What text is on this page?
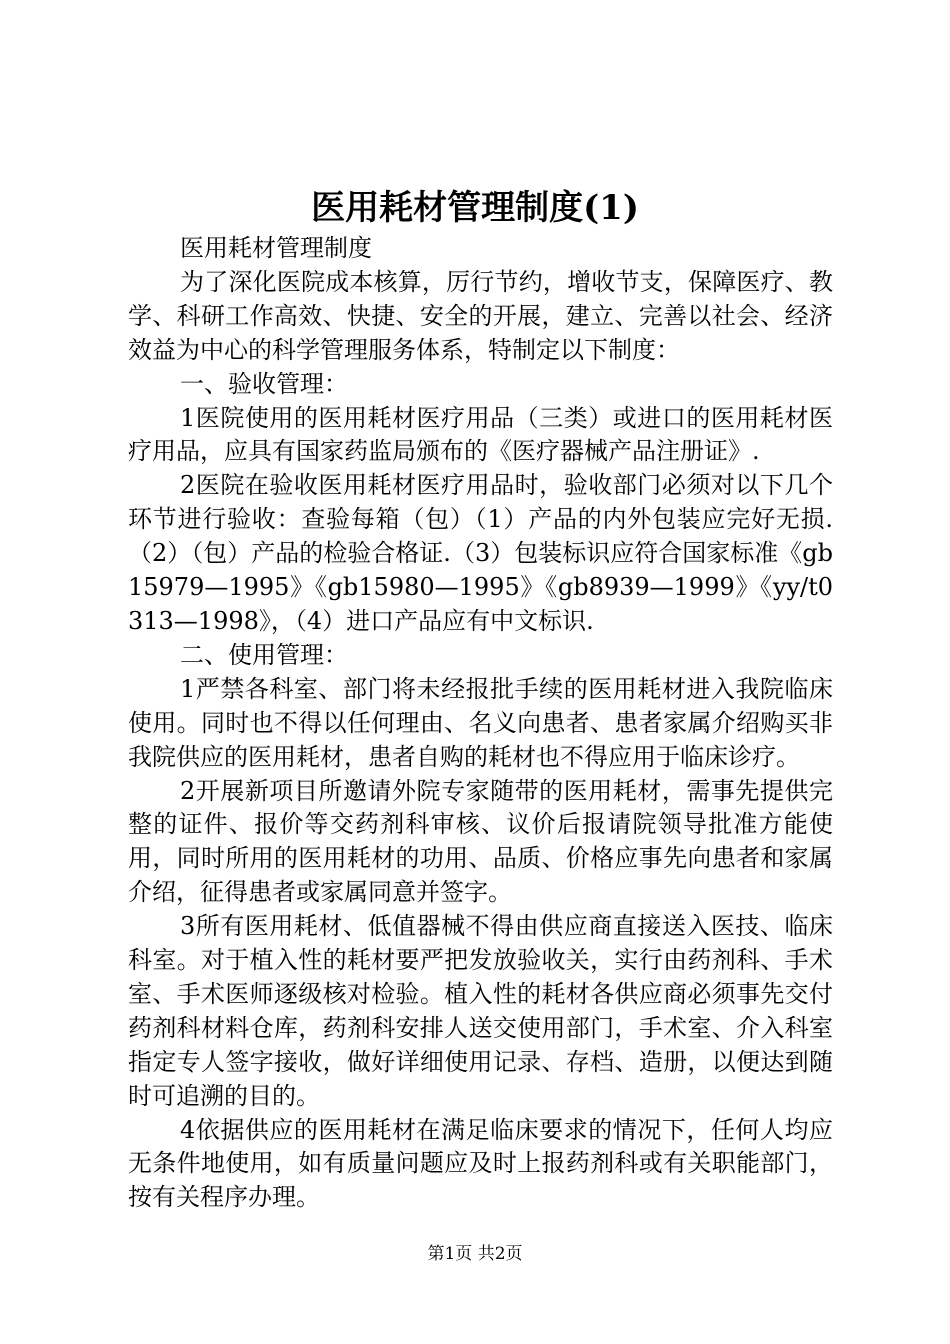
医用耗材管理制度(1)

医用耗材管理制度

为了深化医院成本核算，厉行节约，增收节支，保障医疗、教学、科研工作高效、快捷、安全的开展，建立、完善以社会、经济效益为中心的科学管理服务体系，特制定以下制度：

一、验收管理：

1医院使用的医用耗材医疗用品（三类）或进口的医用耗材医疗用品，应具有国家药监局颁布的《医疗器械产品注册证》.

2医院在验收医用耗材医疗用品时，验收部门必须对以下几个环节进行验收：查验每箱（包）（1）产品的内外包装应完好无损.（2）（包）产品的检验合格证.（3）包装标识应符合国家标准《gb15979—1995》《gb15980—1995》《gb8939—1999》《yy/t0313—1998》，（4）进口产品应有中文标识.

二、使用管理：

1严禁各科室、部门将未经报批手续的医用耗材进入我院临床使用。同时也不得以任何理由、名义向患者、患者家属介绍购买非我院供应的医用耗材，患者自购的耗材也不得应用于临床诊疗。

2开展新项目所邀请外院专家随带的医用耗材，需事先提供完整的证件、报价等交药剂科审核、议价后报请院领导批准方能使用，同时所用的医用耗材的功用、品质、价格应事先向患者和家属介绍，征得患者或家属同意并签字。

3所有医用耗材、低值器械不得由供应商直接送入医技、临床科室。对于植入性的耗材要严把发放验收关，实行由药剂科、手术室、手术医师逐级核对检验。植入性的耗材各供应商必须事先交付药剂科材料仓库，药剂科安排人送交使用部门，手术室、介入科室指定专人签字接收，做好详细使用记录、存档、造册，以便达到随时可追溯的目的。

4依据供应的医用耗材在满足临床要求的情况下，任何人均应无条件地使用，如有质量问题应及时上报药剂科或有关职能部门，按有关程序办理。

第1页 共2页
